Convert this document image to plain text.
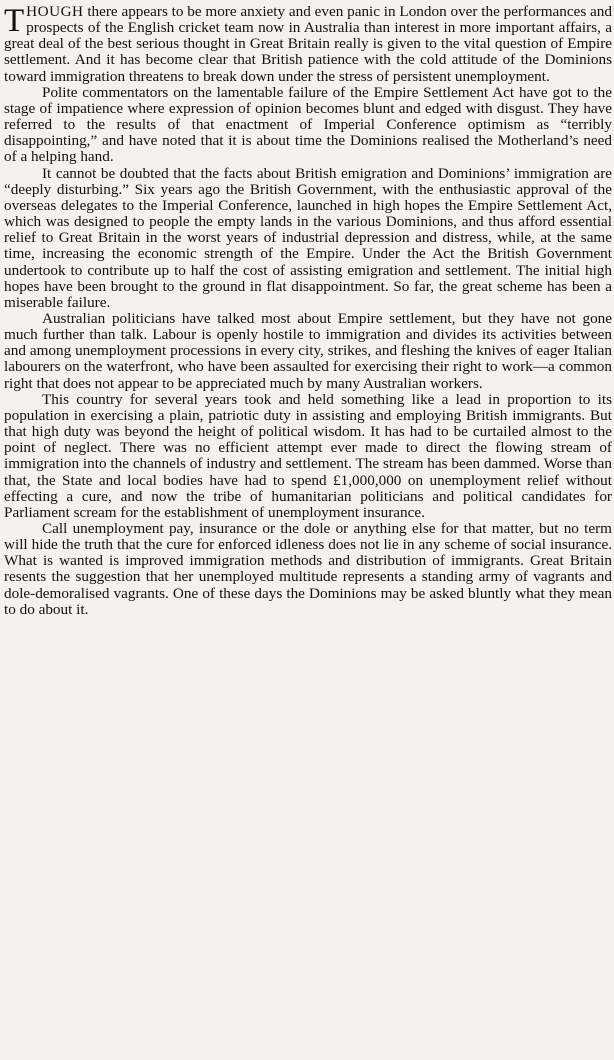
THOUGH there appears to be more anxiety and even panic in London over the performances and prospects of the English cricket team now in Australia than interest in more important affairs, a great deal of the best serious thought in Great Britain really is given to the vital question of Empire settlement. And it has become clear that British patience with the cold attitude of the Dominions toward immigration threatens to break down under the stress of persistent unemployment.

Polite commentators on the lamentable failure of the Empire Settlement Act have got to the stage of impatience where expression of opinion becomes blunt and edged with disgust. They have referred to the results of that enactment of Imperial Conference optimism as “terribly disappointing,” and have noted that it is about time the Dominions realised the Motherland’s need of a helping hand.

It cannot be doubted that the facts about British emigration and Dominions’ immigration are “deeply disturbing.” Six years ago the British Government, with the enthusiastic approval of the overseas delegates to the Imperial Conference, launched in high hopes the Empire Settlement Act, which was designed to people the empty lands in the various Dominions, and thus afford essential relief to Great Britain in the worst years of industrial depression and distress, while, at the same time, increasing the economic strength of the Empire. Under the Act the British Government undertook to contribute up to half the cost of assisting emigration and settlement. The initial high hopes have been brought to the ground in flat disappointment. So far, the great scheme has been a miserable failure.

Australian politicians have talked most about Empire settlement, but they have not gone much further than talk. Labour is openly hostile to immigration and divides its activities between and among unemployment processions in every city, strikes, and fleshing the knives of eager Italian labourers on the waterfront, who have been assaulted for exercising their right to work—a common right that does not appear to be appreciated much by many Australian workers.

This country for several years took and held something like a lead in proportion to its population in exercising a plain, patriotic duty in assisting and employing British immigrants. But that high duty was beyond the height of political wisdom. It has had to be curtailed almost to the point of neglect. There was no efficient attempt ever made to direct the flowing stream of immigration into the channels of industry and settlement. The stream has been dammed. Worse than that, the State and local bodies have had to spend £1,000,000 on unemployment relief without effecting a cure, and now the tribe of humanitarian politicians and political candidates for Parliament scream for the establishment of unemployment insurance.

Call unemployment pay, insurance or the dole or anything else for that matter, but no term will hide the truth that the cure for enforced idleness does not lie in any scheme of social insurance. What is wanted is improved immigration methods and distribution of immigrants. Great Britain resents the suggestion that her unemployed multitude represents a standing army of vagrants and dole-demoralised vagrants. One of these days the Dominions may be asked bluntly what they mean to do about it.
